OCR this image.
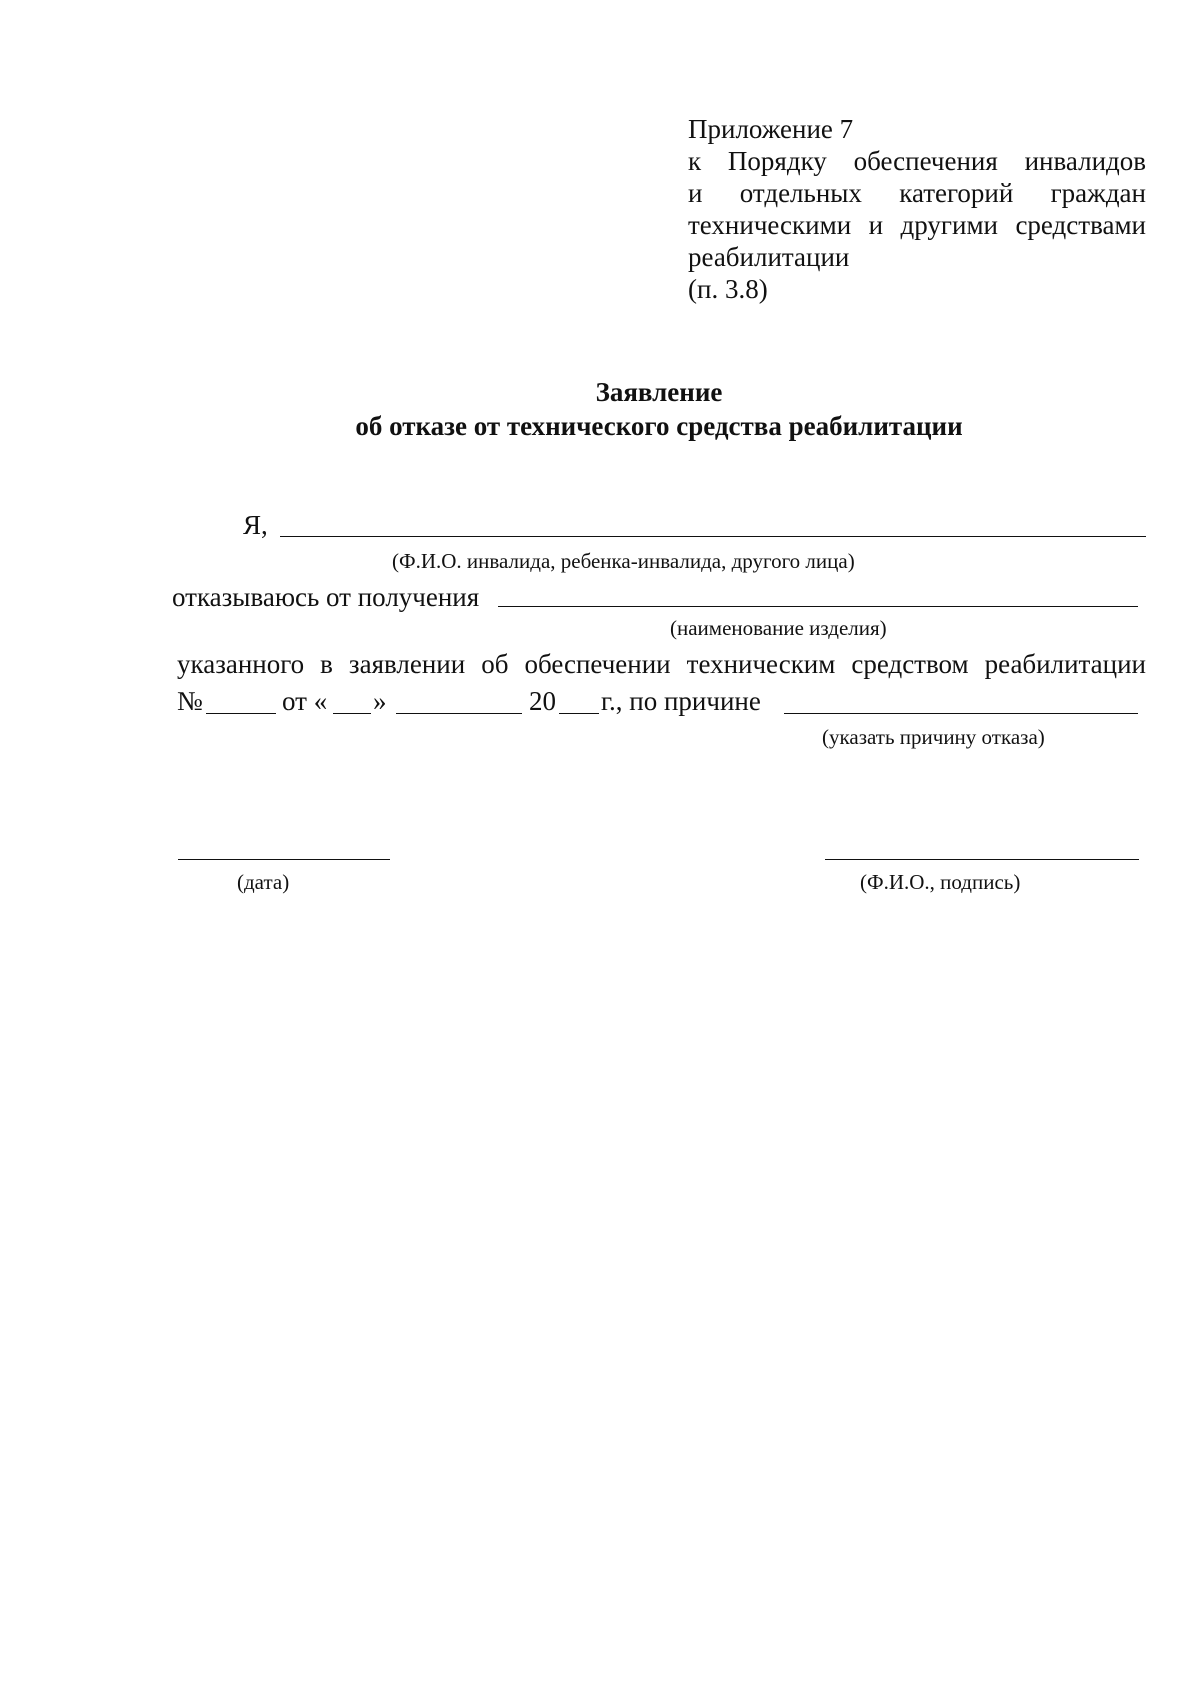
Приложение 7
к Порядку обеспечения инвалидов
и отдельных категорий граждан
техническими и другими средствами
реабилитации
(п. 3.8)
Заявление
об отказе от технического средства реабилитации
Я,
(Ф.И.О. инвалида, ребенка-инвалида, другого лица)
отказываюсь от получения
(наименование изделия)
указанного в заявлении об обеспечении техническим средством реабилитации
№	от « »	20 г., по причине
(указать причину отказа)
(дата)	(Ф.И.О., подпись)
